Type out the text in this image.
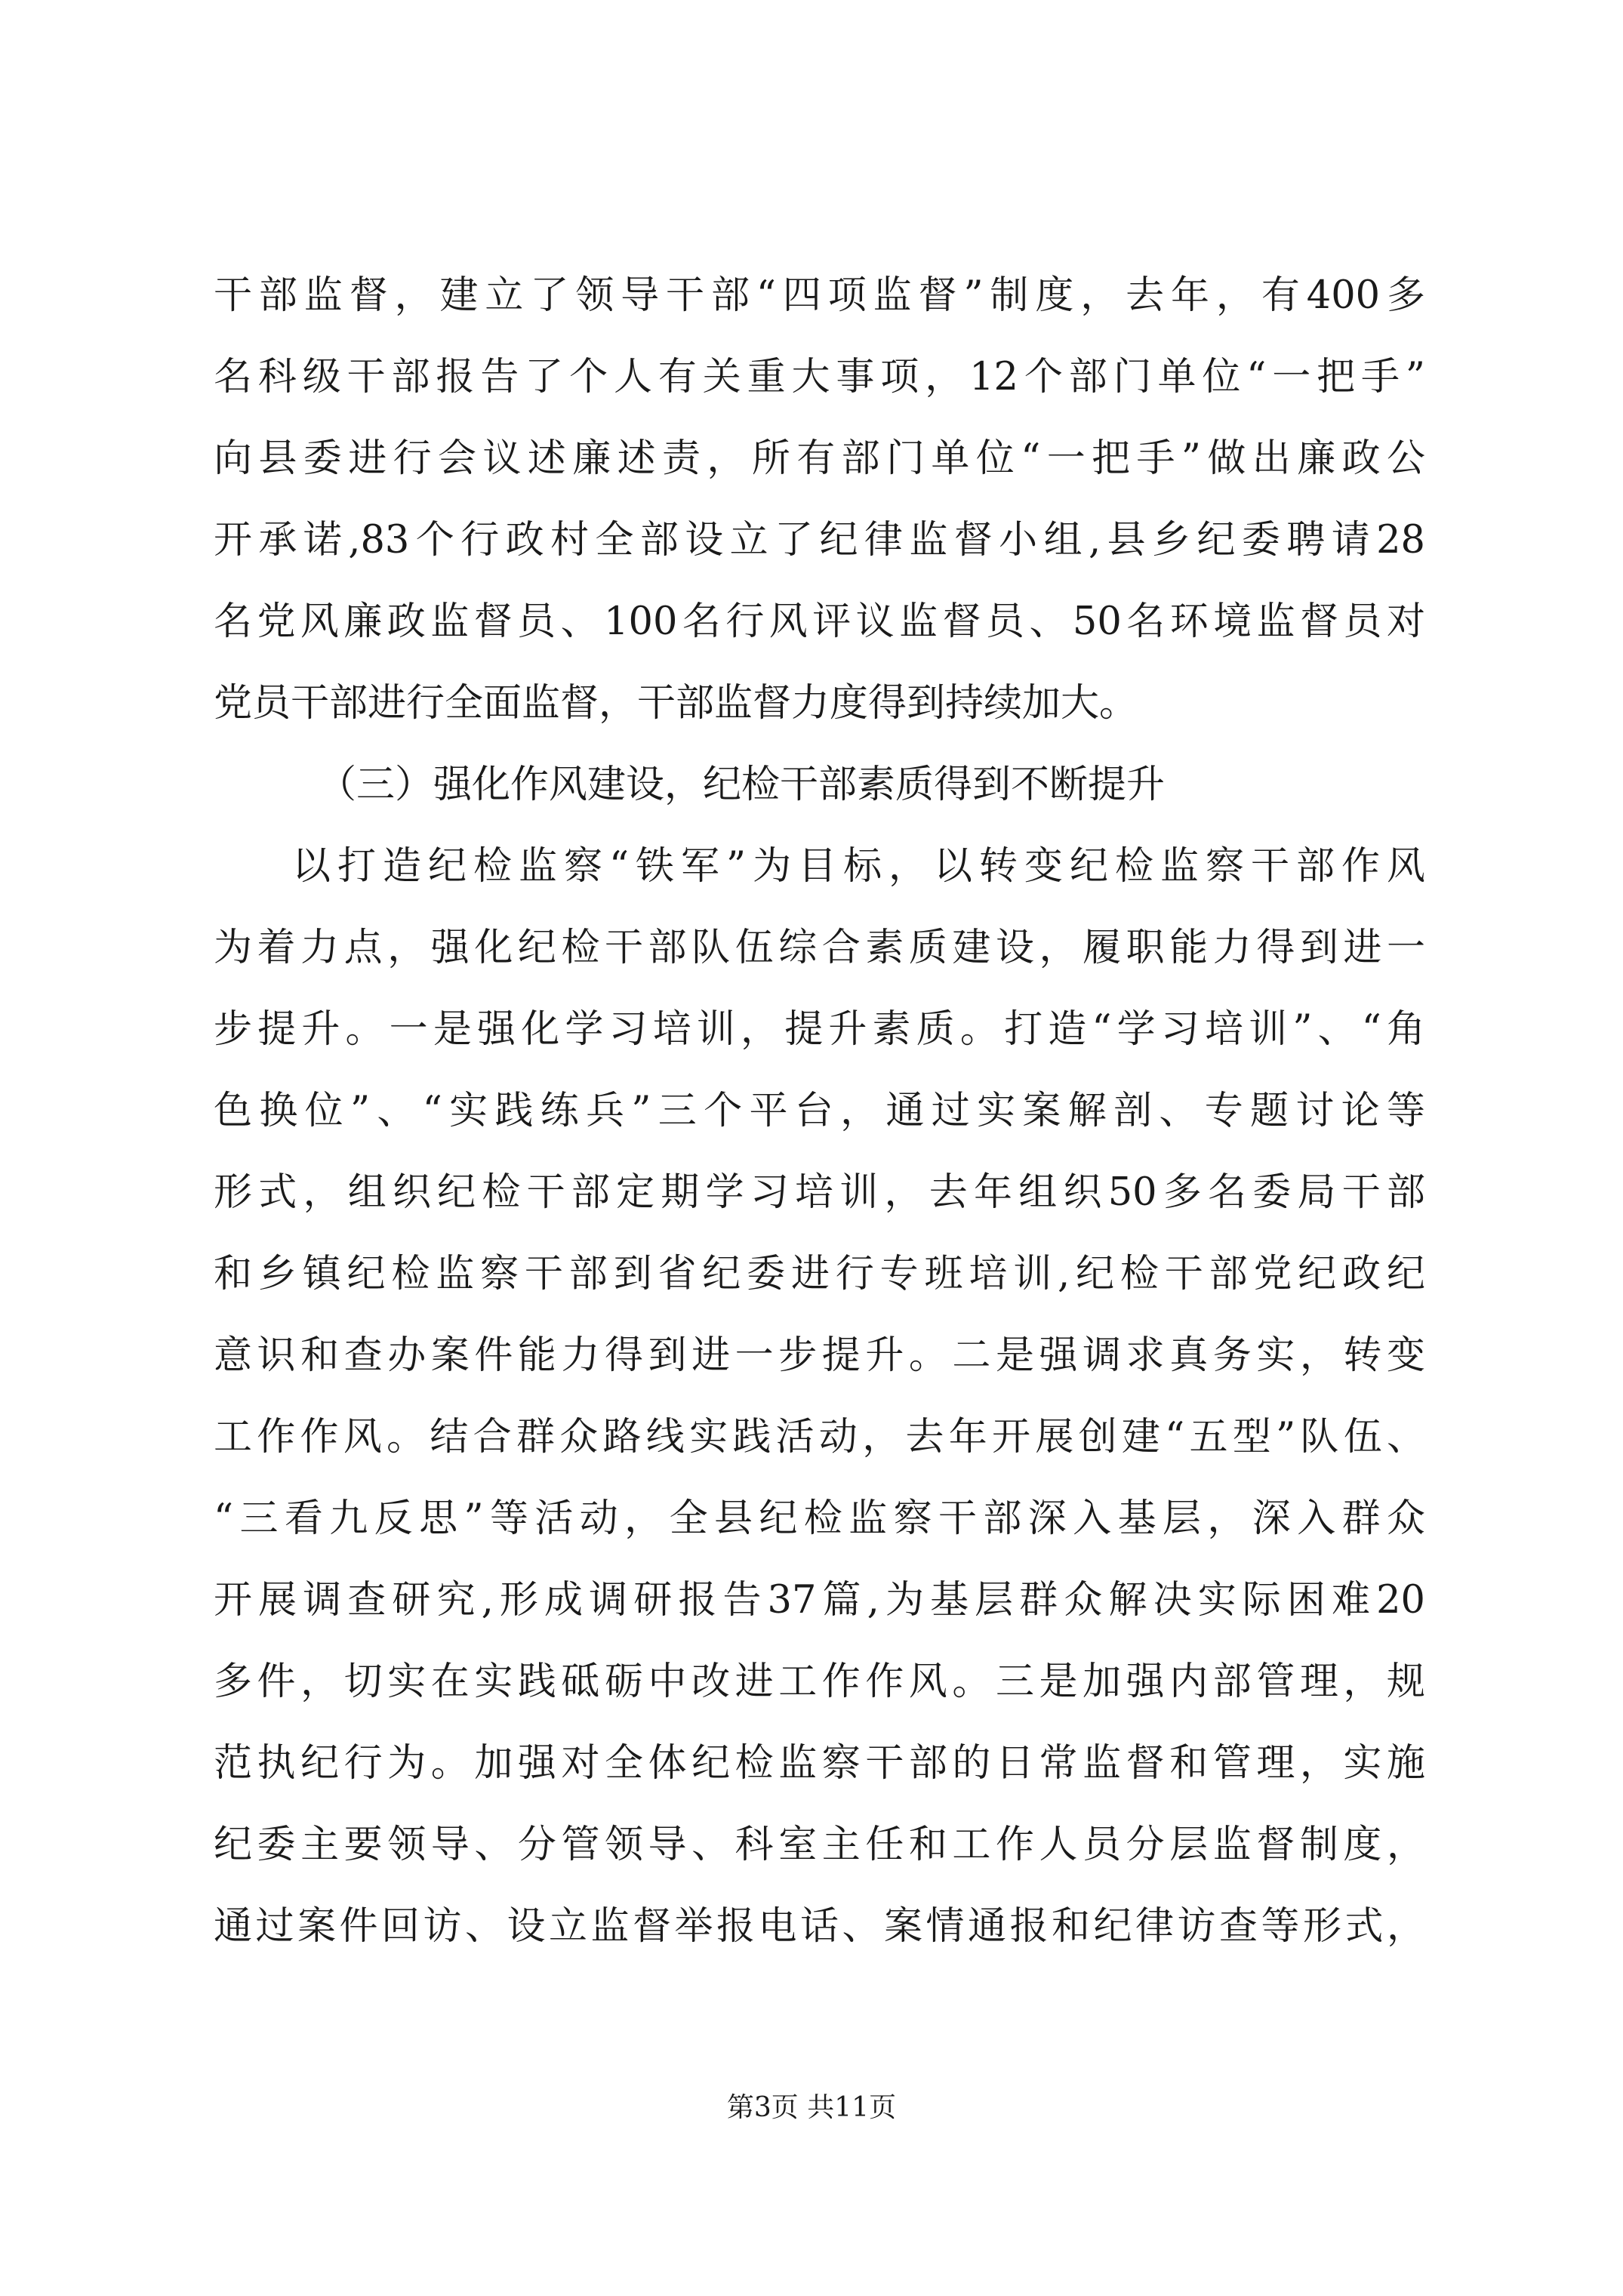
干部监督，建立了领导干部“四项监督”制度，去年，有400多
名科级干部报告了个人有关重大事项，12个部门单位“一把手”
向县委进行会议述廉述责，所有部门单位“一把手”做出廉政公
开承诺,83个行政村全部设立了纪律监督小组,县乡纪委聘请28
名党风廉政监督员、100名行风评议监督员、50名环境监督员对
党员干部进行全面监督，干部监督力度得到持续加大。
（三）强化作风建设，纪检干部素质得到不断提升
以打造纪检监察“铁军”为目标，以转变纪检监察干部作风
为着力点，强化纪检干部队伍综合素质建设，履职能力得到进一
步提升。一是强化学习培训，提升素质。打造“学习培训”、“角
色换位”、“实践练兵”三个平台，通过实案解剖、专题讨论等
形式，组织纪检干部定期学习培训，去年组织50多名委局干部
和乡镇纪检监察干部到省纪委进行专班培训,纪检干部党纪政纪
意识和查办案件能力得到进一步提升。二是强调求真务实，转变
工作作风。结合群众路线实践活动，去年开展创建“五型”队伍、
“三看九反思”等活动，全县纪检监察干部深入基层，深入群众
开展调查研究,形成调研报告37篇,为基层群众解决实际困难20
多件，切实在实践砥砺中改进工作作风。三是加强内部管理，规
范执纪行为。加强对全体纪检监察干部的日常监督和管理，实施
纪委主要领导、分管领导、科室主任和工作人员分层监督制度，
通过案件回访、设立监督举报电话、案情通报和纪律访查等形式，
第3页 共11页
